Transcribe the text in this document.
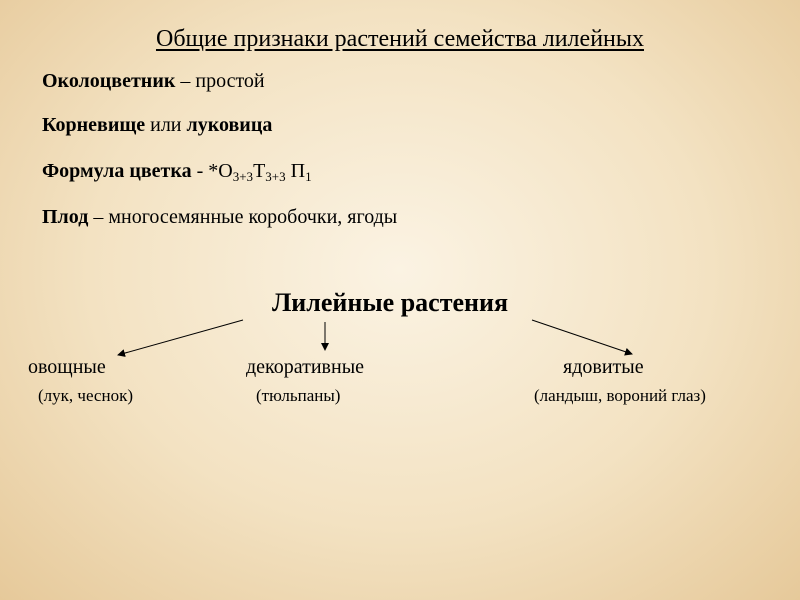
Общие признаки растений семейства лилейных
Околоцветник – простой
Корневище или луковица
Формула цветка - $*О_{3+3}Т_{3+3}$ $П_1$
Плод – многосемянные коробочки, ягоды
Лилейные растения
овощные
(лук, чеснок)
декоративные
(тюльпаны)
ядовитые
(ландыш, вороний глаз)
